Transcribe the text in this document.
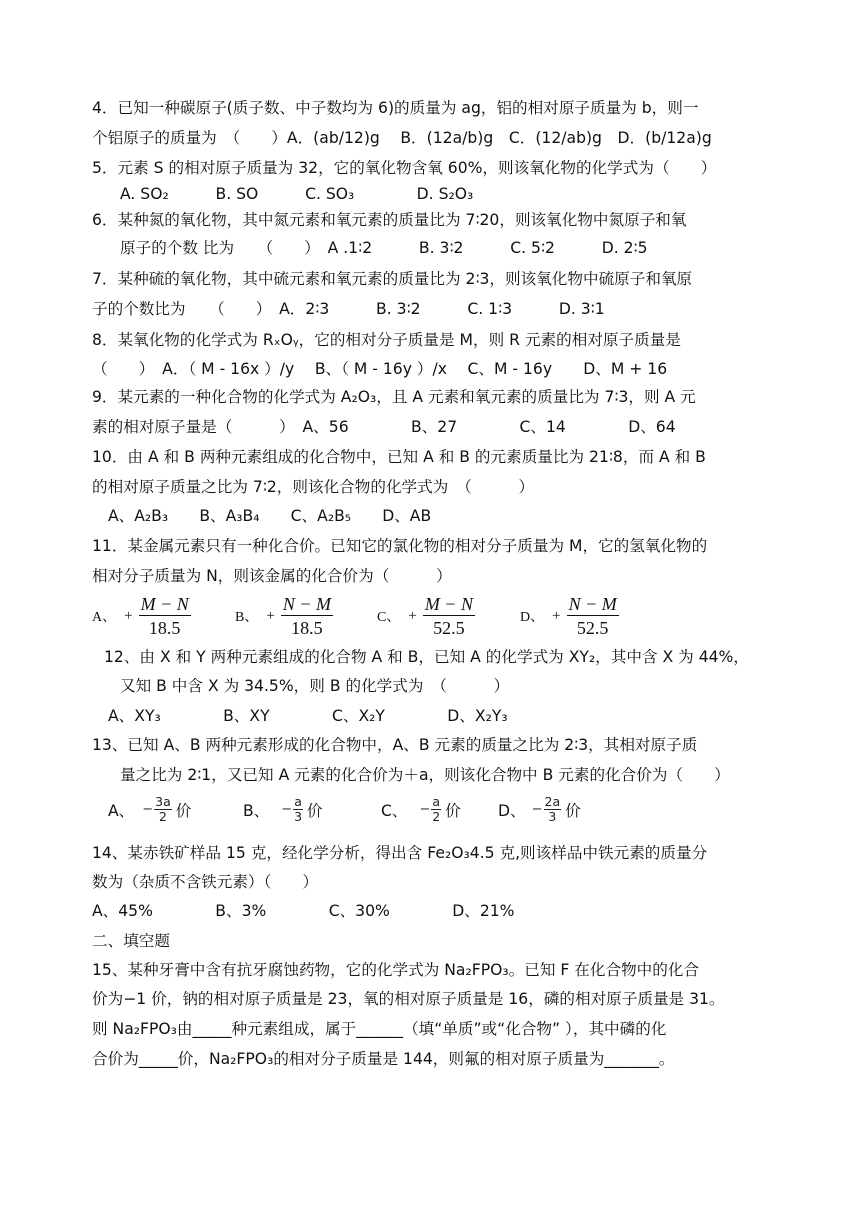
4．已知一种碳原子(质子数、中子数均为 6)的质量为 ag，铝的相对原子质量为 b，则一
个铝原子的质量为　（　　）A．(ab/12)g　 B．(12a/b)g　C．(12/ab)g　D．(b/12a)g
5．元素 S 的相对原子质量为 32，它的氧化物含氧 60%，则该氧化物的化学式为（　　）
A. SO₂　　　B. SO　　　C. SO₃　　　　D. S₂O₃
6．某种氮的氧化物，其中氮元素和氧元素的质量比为 7∶20，则该氧化物中氮原子和氧
原子的个数 比为　　（　　）　A .1∶2　　　B. 3∶2　　　C. 5∶2　　　D. 2∶5
7．某种硫的氧化物，其中硫元素和氧元素的质量比为 2∶3，则该氧化物中硫原子和氧原
子的个数比为　　（　　）　A．2∶3　　　B. 3∶2　　　C. 1∶3　　　D. 3∶1
8．某氧化物的化学式为 RₓOᵧ，它的相对分子质量是 M，则 R 元素的相对原子质量是
（　　）　A．（ M - 16x ）/y　 B、（ M - 16y ）/x　 C、M - 16y　　D、M + 16
9．某元素的一种化合物的化学式为 A₂O₃，且 A 元素和氧元素的质量比为 7∶3，则 A 元
素的相对原子量是（　　　）　A、56　　　　B、27　　　　C、14　　　　D、64
10．由 A 和 B 两种元素组成的化合物中，已知 A 和 B 的元素质量比为 21∶8，而 A 和 B
的相对原子质量之比为 7∶2，则该化合物的化学式为　（　　　）
A、A₂B₃　　B、A₃B₄　　C、A₂B₅　　D、AB
11．某金属元素只有一种化合价。已知它的氯化物的相对分子质量为 M，它的氢氧化物的
相对分子质量为 N，则该金属的化合价为（　　　）
A、 + $\frac{M - N}{18.5}$	B、 + $\frac{N - M}{18.5}$	C、 + $\frac{M - N}{52.5}$	D、 + $\frac{N - M}{52.5}$
12、由 X 和 Y 两种元素组成的化合物 A 和 B，已知 A 的化学式为 XY₂，其中含 X 为 44%，
又知 B 中含 X 为 34.5%，则 B 的化学式为　（　　　）
A、XY₃　　　　B、XY　　　　C、X₂Y　　　　D、X₂Y₃
13、已知 A、B 两种元素形成的化合物中，A、B 元素的质量之比为 2∶3，其相对原子质
量之比为 2∶1，又已知 A 元素的化合价为＋a，则该化合物中 B 元素的化合价为（　　）
A、 − $\frac{3a}{2}$ 价	B、 − $\frac{a}{3}$ 价	C、 − $\frac{a}{2}$ 价 D、 − $\frac{2a}{3}$ 价
14、某赤铁矿样品 15 克，经化学分析，得出含 Fe₂O₃4.5 克,则该样品中铁元素的质量分
数为（杂质不含铁元素）（　　）
A、45%　　　　B、3%　　　　C、30%　　　　D、21%
二、填空题
15、某种牙膏中含有抗牙腐蚀药物，它的化学式为 Na₂FPO₃。已知 F 在化合物中的化合
价为−1 价，钠的相对原子质量是 23，氧的相对原子质量是 16，磷的相对原子质量是 31。
则 Na₂FPO₃由_____种元素组成，属于______（填“单质”或“化合物” ），其中磷的化
合价为_____价，Na₂FPO₃的相对分子质量是 144，则氟的相对原子质量为_______。
